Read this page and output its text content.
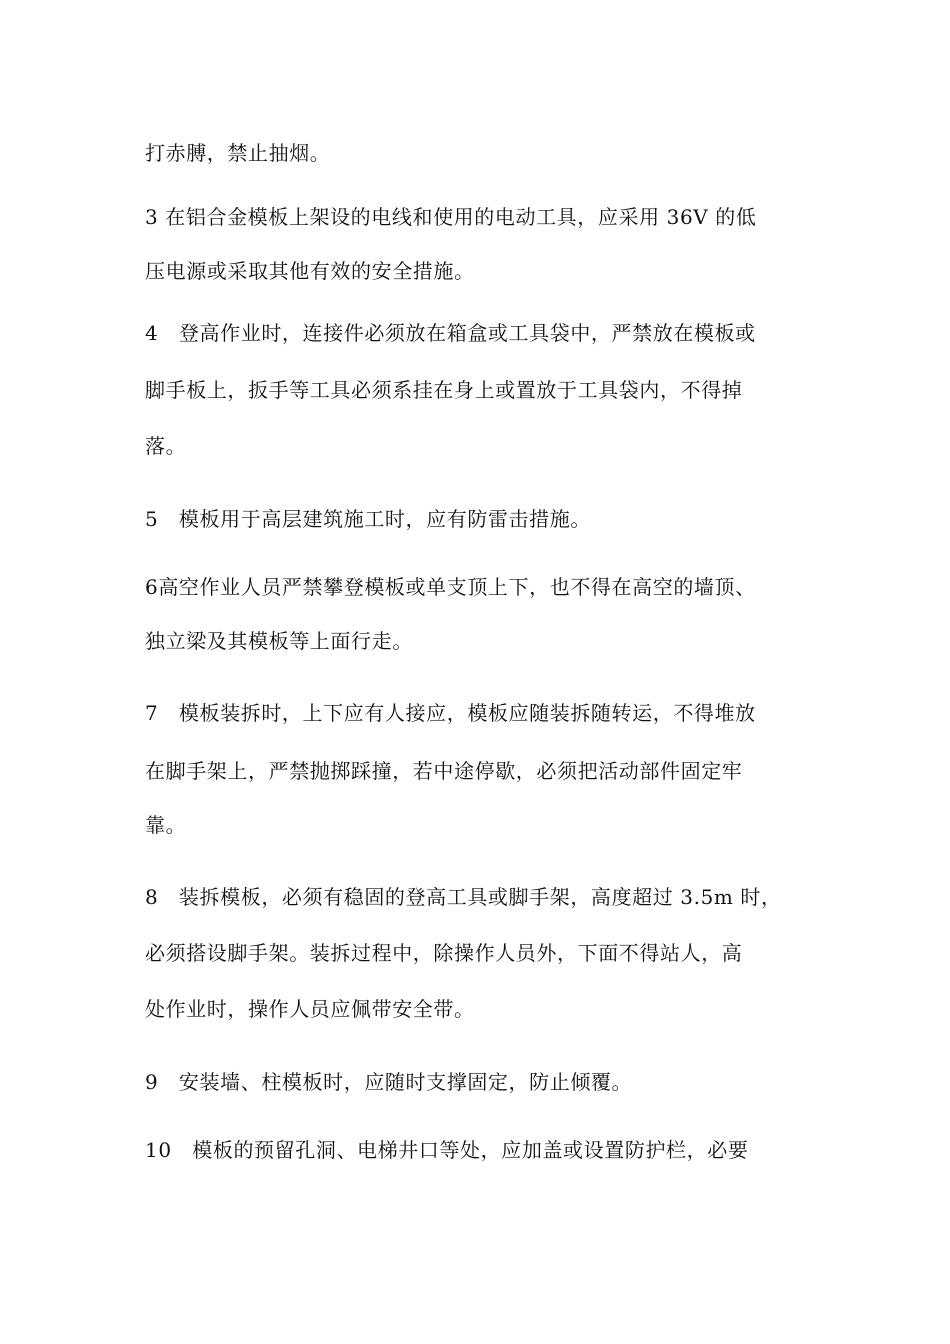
打赤膊，禁止抽烟。
3 在铝合金模板上架设的电线和使用的电动工具，应采用 36V 的低
压电源或采取其他有效的安全措施。
4　登高作业时，连接件必须放在箱盒或工具袋中，严禁放在模板或
脚手板上，扳手等工具必须系挂在身上或置放于工具袋内，不得掉
落。
5　模板用于高层建筑施工时，应有防雷击措施。
6高空作业人员严禁攀登模板或单支顶上下，也不得在高空的墙顶、
独立梁及其模板等上面行走。
7　模板装拆时，上下应有人接应，模板应随装拆随转运，不得堆放
在脚手架上，严禁抛掷踩撞，若中途停歇，必须把活动部件固定牢
靠。
8　装拆模板，必须有稳固的登高工具或脚手架，高度超过 3.5m 时，
必须搭设脚手架。装拆过程中，除操作人员外，下面不得站人，高
处作业时，操作人员应佩带安全带。
9　安装墙、柱模板时，应随时支撑固定，防止倾覆。
10　模板的预留孔洞、电梯井口等处，应加盖或设置防护栏，必要
